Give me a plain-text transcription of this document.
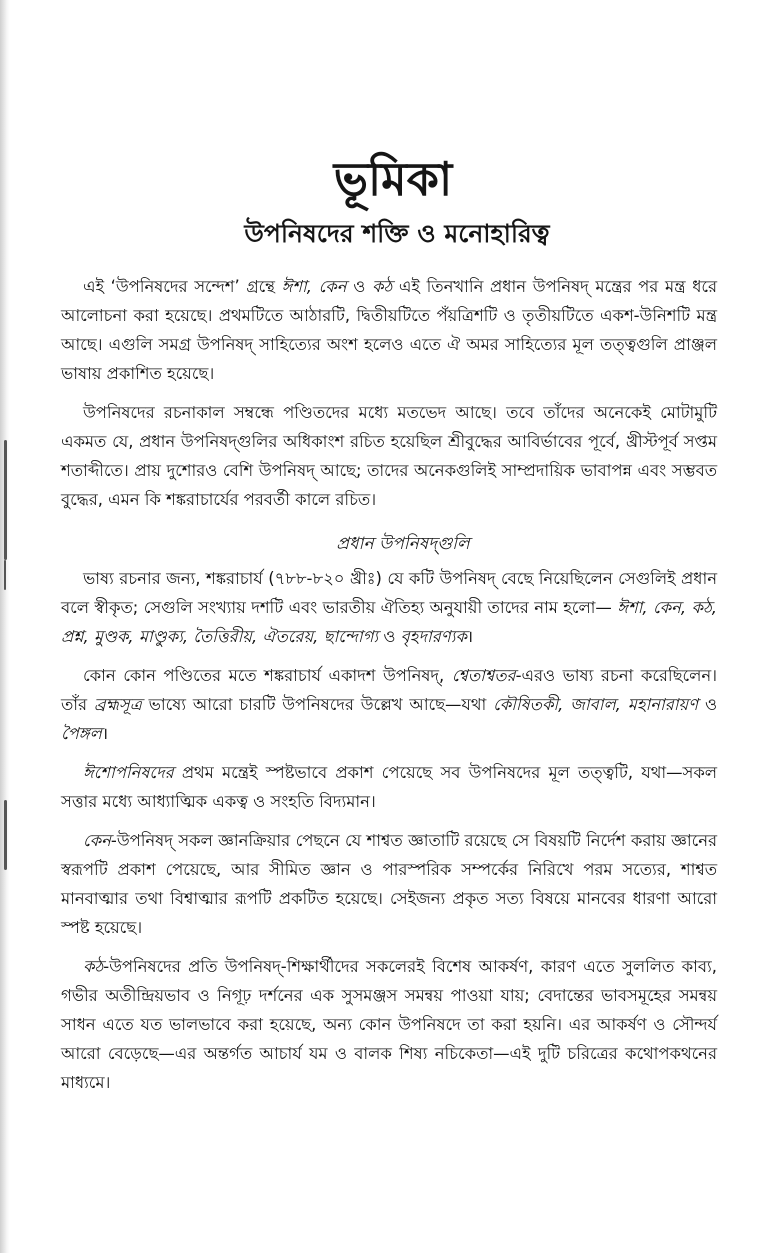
ভূমিকা
উপনিষদের শক্তি ও মনোহারিত্ব

এই ‘উপনিষদের সন্দেশ’ গ্রন্থে ঈশা, কেন ও কঠ এই তিনখানি প্রধান উপনিষদ্ মন্ত্রের পর মন্ত্র ধরে আলোচনা করা হয়েছে। প্রথমটিতে আঠারটি, দ্বিতীয়টিতে পঁয়ত্রিশটি ও তৃতীয়টিতে একশ-উনিশটি মন্ত্র আছে। এগুলি সমগ্র উপনিষদ্ সাহিত্যের অংশ হলেও এতে ঐ অমর সাহিত্যের মূল তত্ত্বগুলি প্রাঞ্জল ভাষায় প্রকাশিত হয়েছে।

উপনিষদের রচনাকাল সম্বন্ধে পণ্ডিতদের মধ্যে মতভেদ আছে। তবে তাঁদের অনেকেই মোটামুটি একমত যে, প্রধান উপনিষদ্‌গুলির অধিকাংশ রচিত হয়েছিল শ্রীবুদ্ধের আবির্ভাবের পূর্বে, খ্রীস্টপূর্ব সপ্তম শতাব্দীতে। প্রায় দুশোরও বেশি উপনিষদ্ আছে; তাদের অনেকগুলিই সাম্প্রদায়িক ভাবাপন্ন এবং সম্ভবত বুদ্ধের, এমন কি শঙ্করাচার্যের পরবর্তী কালে রচিত।

প্রধান উপনিষদ্‌গুলি

ভাষ্য রচনার জন্য, শঙ্করাচার্য (৭৮৮-৮২০ খ্রীঃ) যে কটি উপনিষদ্ বেছে নিয়েছিলেন সেগুলিই প্রধান বলে স্বীকৃত; সেগুলি সংখ্যায় দশটি এবং ভারতীয় ঐতিহ্য অনুযায়ী তাদের নাম হলো— ঈশা, কেন, কঠ, প্রশ্ন, মুণ্ডক, মাণ্ডুক্য, তৈত্তিরীয়, ঐতরেয়, ছান্দোগ্য ও বৃহদারণ্যক।

কোন কোন পণ্ডিতের মতে শঙ্করাচার্য একাদশ উপনিষদ্, শ্বেতাশ্বতর-এরও ভাষ্য রচনা করেছিলেন। তাঁর ব্রহ্মসূত্র ভাষ্যে আরো চারটি উপনিষদের উল্লেখ আছে—যথা কৌষিতকী, জাবাল, মহানারায়ণ ও পৈঙ্গল।

ঈশোপনিষদের প্রথম মন্ত্রেই স্পষ্টভাবে প্রকাশ পেয়েছে সব উপনিষদের মূল তত্ত্বটি, যথা—সকল সত্তার মধ্যে আধ্যাত্মিক একত্ব ও সংহতি বিদ্যমান।

কেন-উপনিষদ্ সকল জ্ঞানক্রিয়ার পেছনে যে শাশ্বত জ্ঞাতাটি রয়েছে সে বিষয়টি নির্দেশ করায় জ্ঞানের স্বরূপটি প্রকাশ পেয়েছে, আর সীমিত জ্ঞান ও পারস্পরিক সম্পর্কের নিরিখে পরম সত্যের, শাশ্বত মানবাত্মার তথা বিশ্বাত্মার রূপটি প্রকটিত হয়েছে। সেইজন্য প্রকৃত সত্য বিষয়ে মানবের ধারণা আরো স্পষ্ট হয়েছে।

কঠ-উপনিষদের প্রতি উপনিষদ্-শিক্ষার্থীদের সকলেরই বিশেষ আকর্ষণ, কারণ এতে সুললিত কাব্য, গভীর অতীন্দ্রিয়ভাব ও নিগূঢ় দর্শনের এক সুসমঞ্জস সমন্বয় পাওয়া যায়; বেদান্তের ভাবসমূহের সমন্বয় সাধন এতে যত ভালভাবে করা হয়েছে, অন্য কোন উপনিষদে তা করা হয়নি। এর আকর্ষণ ও সৌন্দর্য আরো বেড়েছে—এর অন্তর্গত আচার্য যম ও বালক শিষ্য নচিকেতা—এই দুটি চরিত্রের কথোপকথনের মাধ্যমে।
